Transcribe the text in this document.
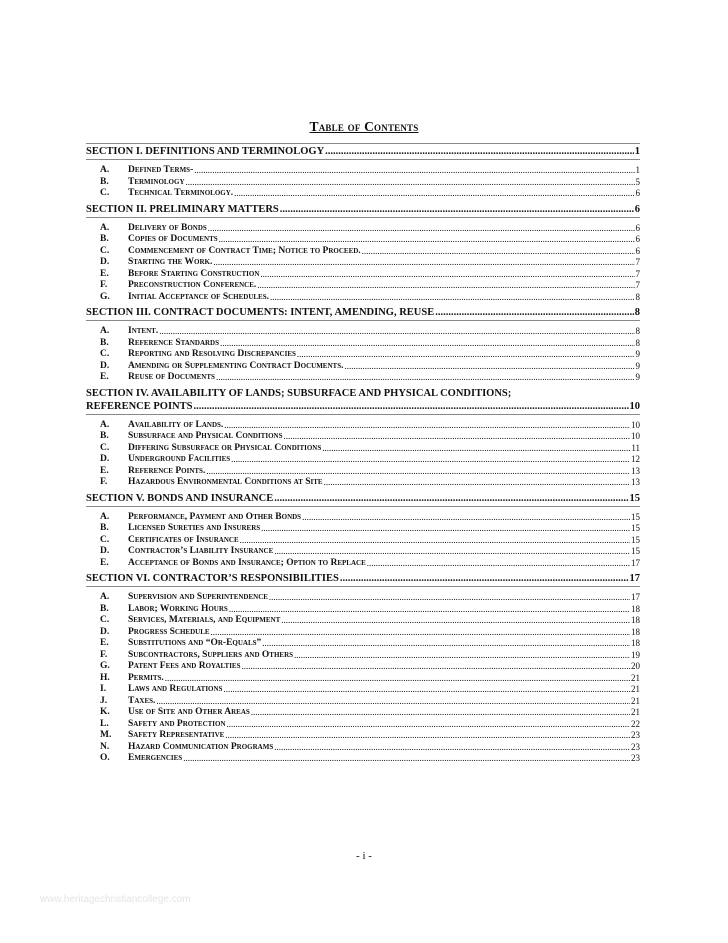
Table of Contents
SECTION I. DEFINITIONS AND TERMINOLOGY .....	1
A.	Defined Terms- .....	1
B.	Terminology .....	5
C.	Technical Terminology. .....	6
SECTION II. PRELIMINARY MATTERS .....	6
A.	Delivery of Bonds .....	6
B.	Copies of Documents .....	6
C.	Commencement of Contract Time; Notice to Proceed. .....	6
D.	Starting the Work. .....	7
E.	Before Starting Construction .....	7
F.	Preconstruction Conference. .....	7
G.	Initial Acceptance of Schedules. .....	8
SECTION III. CONTRACT DOCUMENTS: INTENT, AMENDING, REUSE .....	8
A.	Intent. .....	8
B.	Reference Standards .....	8
C.	Reporting and Resolving Discrepancies .....	9
D.	Amending or Supplementing Contract Documents. .....	9
E.	Reuse of Documents .....	9
SECTION IV. AVAILABILITY OF LANDS; SUBSURFACE AND PHYSICAL CONDITIONS;
REFERENCE POINTS .....	10
A.	Availability of Lands. .....	10
B.	Subsurface and Physical Conditions .....	10
C.	Differing Subsurface or Physical Conditions .....	11
D.	Underground Facilities .....	12
E.	Reference Points. .....	13
F.	Hazardous Environmental Conditions at Site .....	13
SECTION V. BONDS AND INSURANCE .....	15
A.	Performance, Payment and Other Bonds .....	15
B.	Licensed Sureties and Insurers .....	15
C.	Certificates of Insurance .....	15
D.	Contractor’s Liability Insurance .....	15
E.	Acceptance of Bonds and Insurance; Option to Replace .....	17
SECTION VI. CONTRACTOR’S RESPONSIBILITIES .....	17
A.	Supervision and Superintendence .....	17
B.	Labor; Working Hours .....	18
C.	Services, Materials, and Equipment .....	18
D.	Progress Schedule .....	18
E.	Substitutions and “Or-Equals” .....	18
F.	Subcontractors, Suppliers and Others .....	19
G.	Patent Fees and Royalties .....	20
H.	Permits. .....	21
I.	Laws and Regulations .....	21
J.	Taxes. .....	21
K.	Use of Site and Other Areas .....	21
L.	Safety and Protection .....	22
M.	Safety Representative .....	23
N.	Hazard Communication Programs .....	23
O.	Emergencies .....	23
- i -
www.heritagechristiancollege.com
